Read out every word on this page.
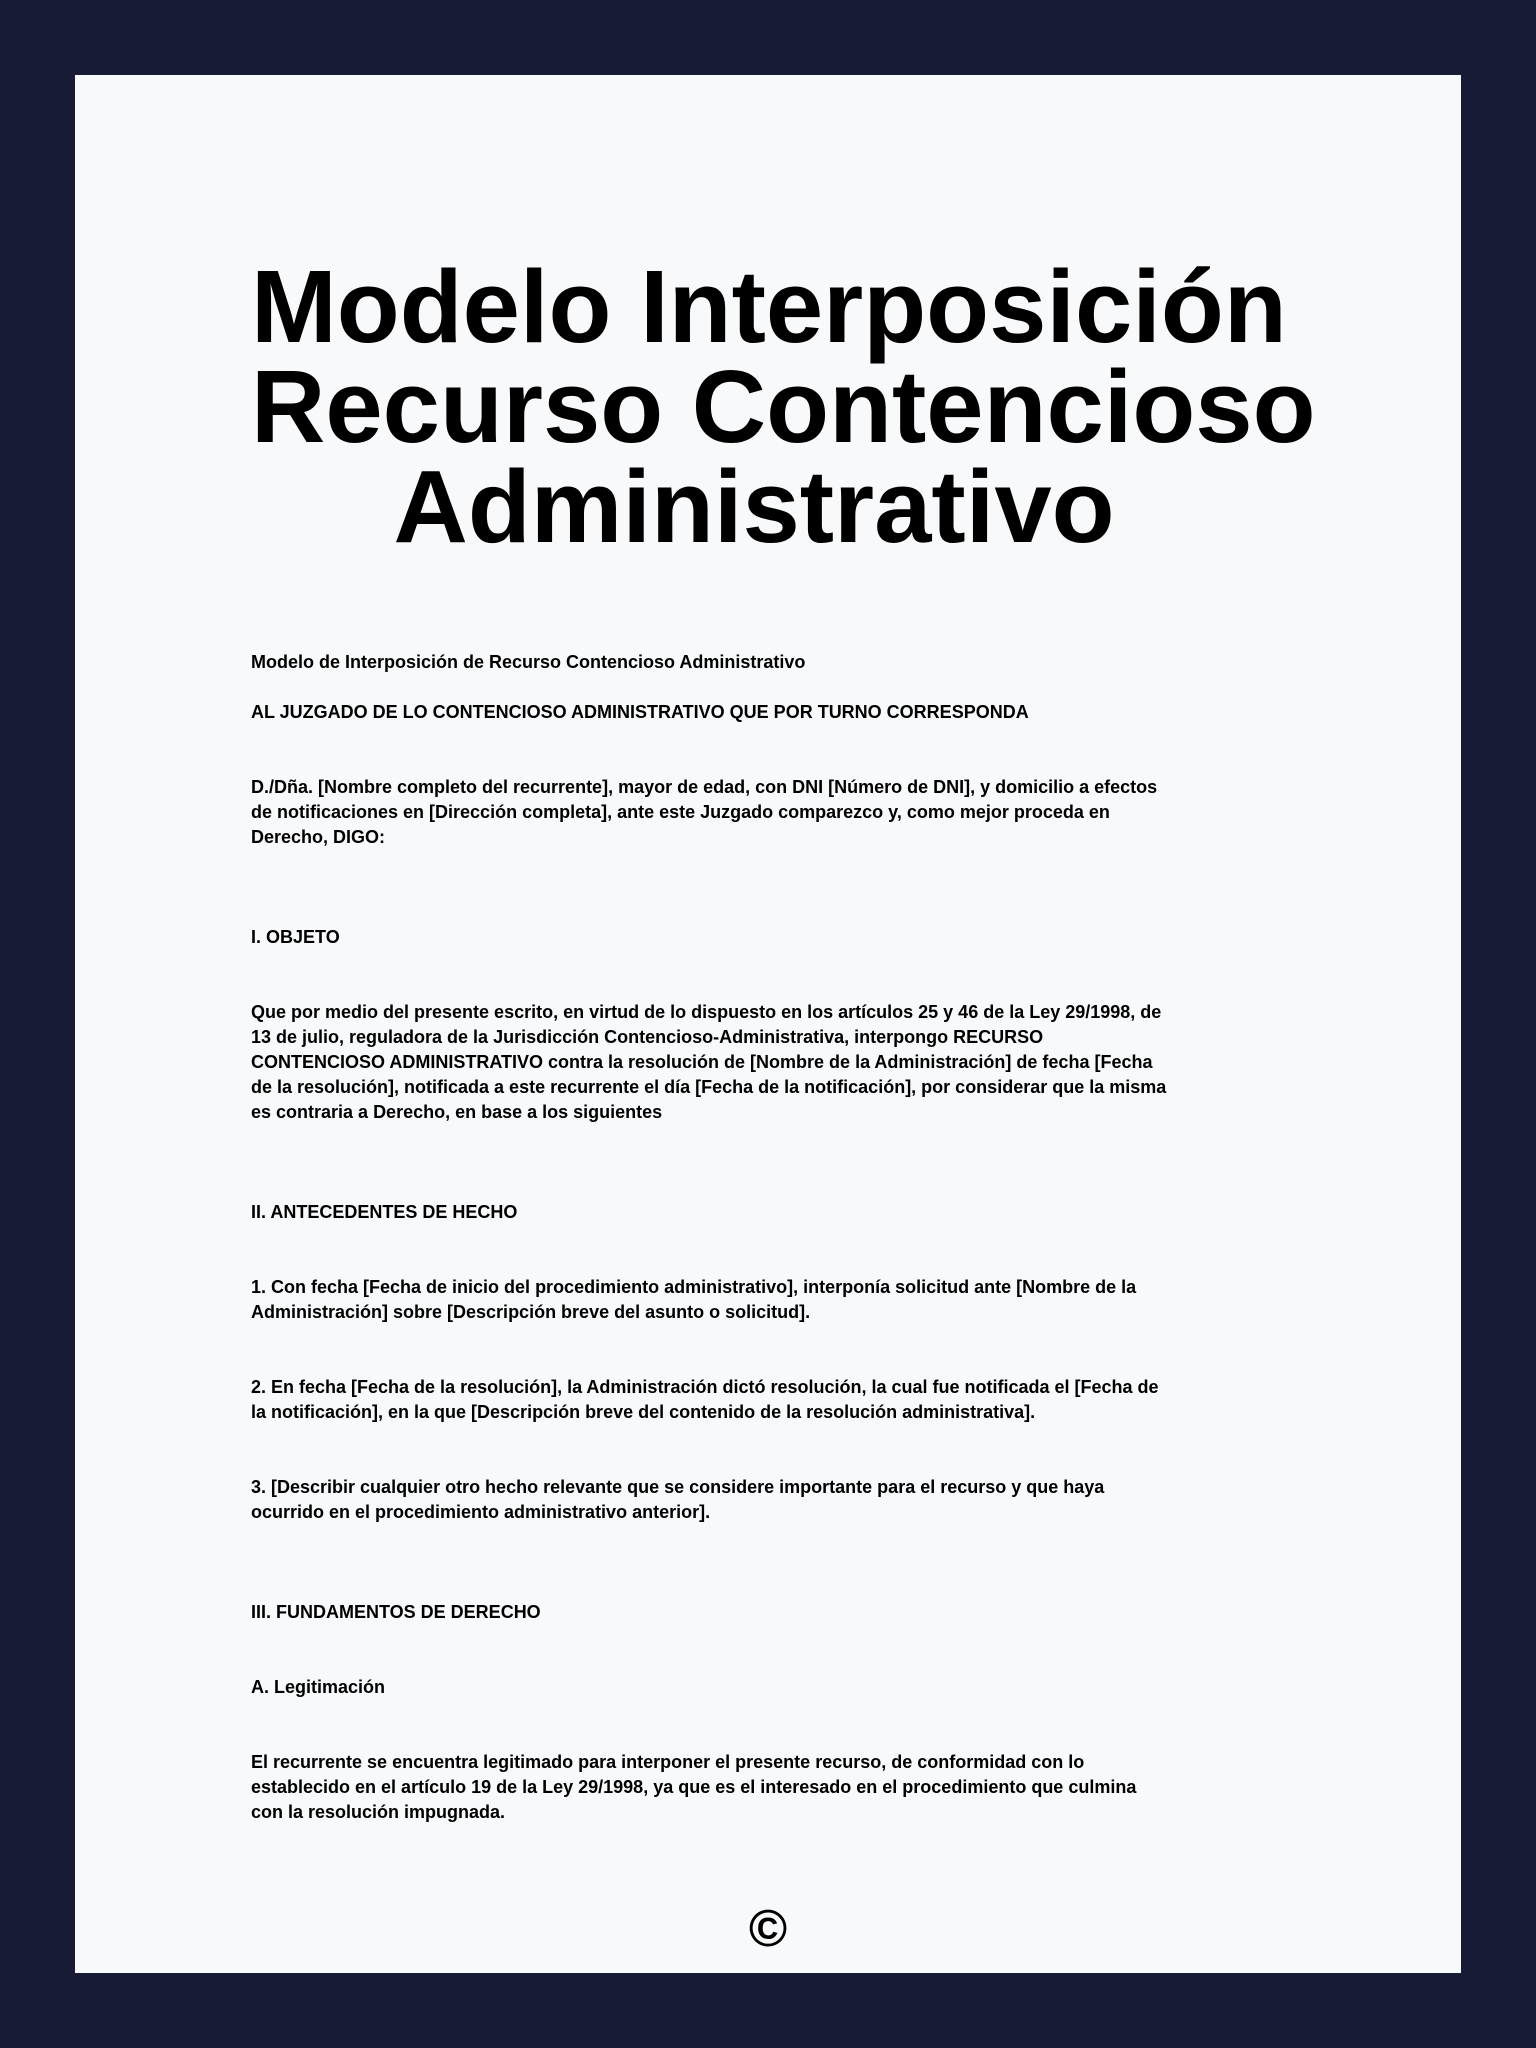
Modelo Interposición
Recurso Contencioso
Administrativo
Modelo de Interposición de Recurso Contencioso Administrativo
AL JUZGADO DE LO CONTENCIOSO ADMINISTRATIVO QUE POR TURNO CORRESPONDA
D./Dña. [Nombre completo del recurrente], mayor de edad, con DNI [Número de DNI], y domicilio a efectos
de notificaciones en [Dirección completa], ante este Juzgado comparezco y, como mejor proceda en
Derecho, DIGO:
I. OBJETO
Que por medio del presente escrito, en virtud de lo dispuesto en los artículos 25 y 46 de la Ley 29/1998, de
13 de julio, reguladora de la Jurisdicción Contencioso-Administrativa, interpongo RECURSO
CONTENCIOSO ADMINISTRATIVO contra la resolución de [Nombre de la Administración] de fecha [Fecha
de la resolución], notificada a este recurrente el día [Fecha de la notificación], por considerar que la misma
es contraria a Derecho, en base a los siguientes
II. ANTECEDENTES DE HECHO
1. Con fecha [Fecha de inicio del procedimiento administrativo], interponía solicitud ante [Nombre de la
Administración] sobre [Descripción breve del asunto o solicitud].
2. En fecha [Fecha de la resolución], la Administración dictó resolución, la cual fue notificada el [Fecha de
la notificación], en la que [Descripción breve del contenido de la resolución administrativa].
3. [Describir cualquier otro hecho relevante que se considere importante para el recurso y que haya
ocurrido en el procedimiento administrativo anterior].
III. FUNDAMENTOS DE DERECHO
A. Legitimación
El recurrente se encuentra legitimado para interponer el presente recurso, de conformidad con lo
establecido en el artículo 19 de la Ley 29/1998, ya que es el interesado en el procedimiento que culmina
con la resolución impugnada.
©
